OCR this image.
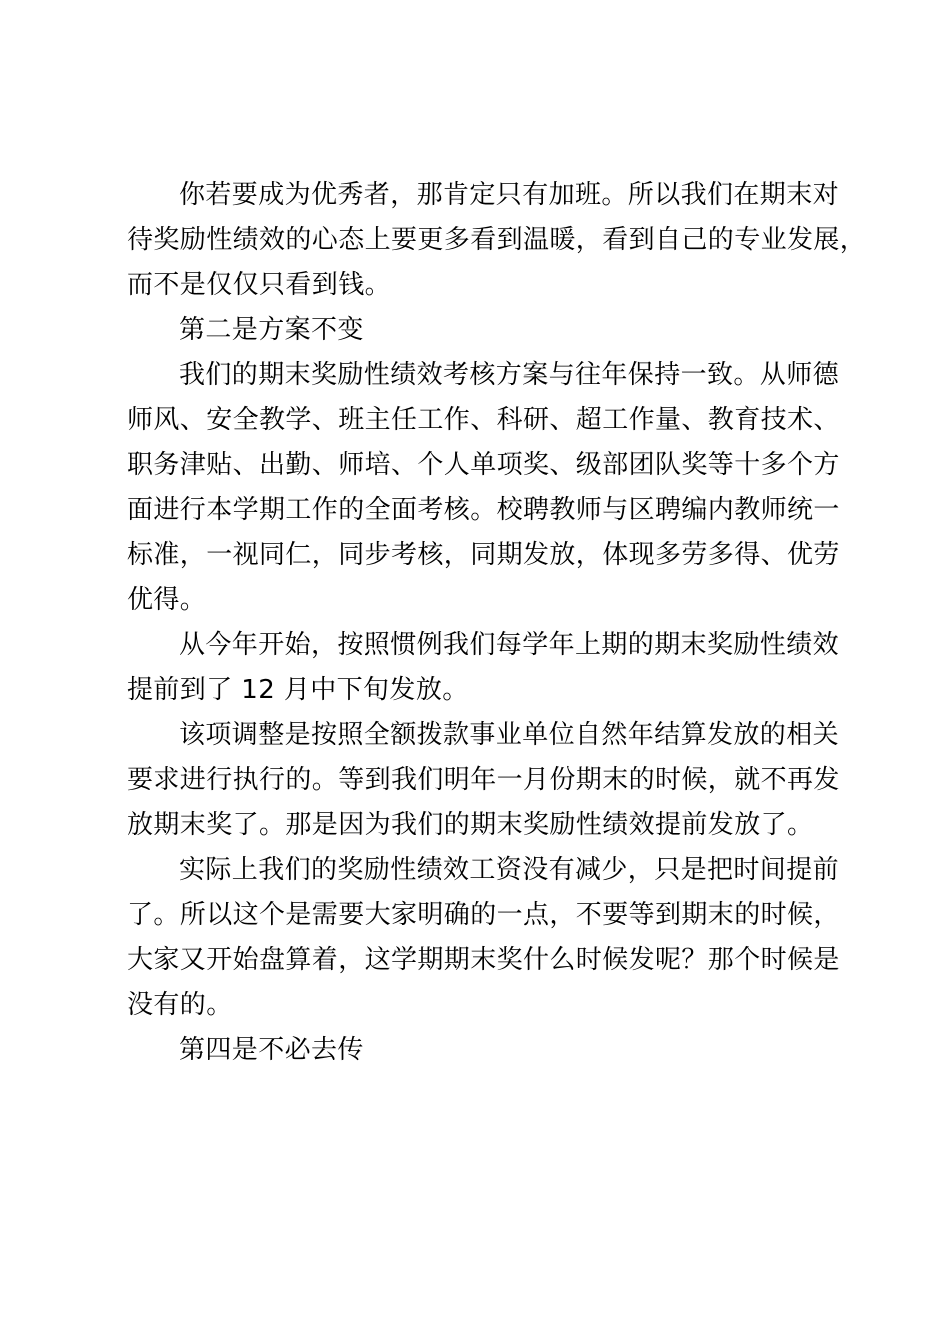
你若要成为优秀者，那肯定只有加班。所以我们在期末对
待奖励性绩效的心态上要更多看到温暖，看到自己的专业发展，
而不是仅仅只看到钱。

第二是方案不变

我们的期末奖励性绩效考核方案与往年保持一致。从师德
师风、安全教学、班主任工作、科研、超工作量、教育技术、
职务津贴、出勤、师培、个人单项奖、级部团队奖等十多个方
面进行本学期工作的全面考核。校聘教师与区聘编内教师统一
标准，一视同仁，同步考核，同期发放，体现多劳多得、优劳
优得。

从今年开始，按照惯例我们每学年上期的期末奖励性绩效
提前到了 12 月中下旬发放。

该项调整是按照全额拨款事业单位自然年结算发放的相关
要求进行执行的。等到我们明年一月份期末的时候，就不再发
放期末奖了。那是因为我们的期末奖励性绩效提前发放了。

实际上我们的奖励性绩效工资没有减少，只是把时间提前
了。所以这个是需要大家明确的一点，不要等到期末的时候，
大家又开始盘算着，这学期期末奖什么时候发呢？那个时候是
没有的。

第四是不必去传
